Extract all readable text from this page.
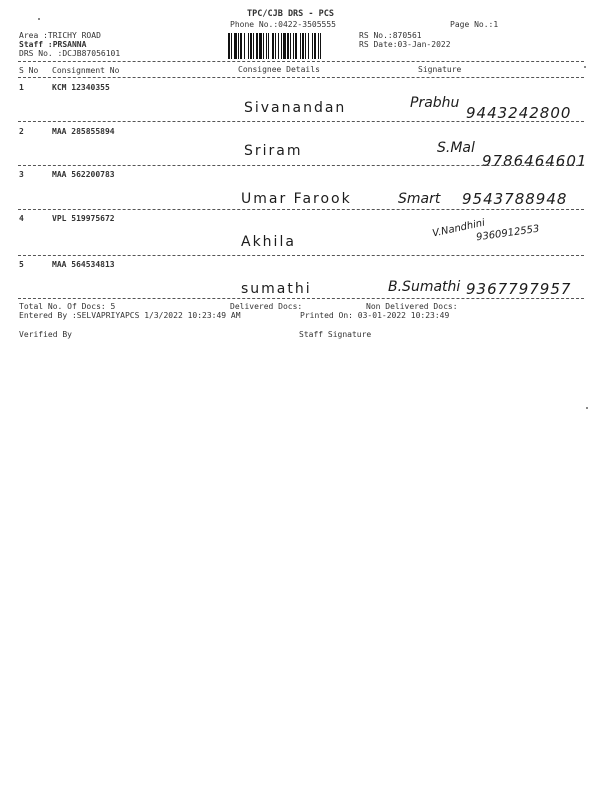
TPC/CJB DRS - PCS
Phone No.:0422-3505555	Page No.:1
Area :TRICHY ROAD
Staff :PRSANNA
DRS No. :DCJB87056101
RS No.:870561
RS Date:03-Jan-2022
S No Consignment No	Consignee Details	Signature
1	KCM 12340355
Sivanandan	Prabhu
9443242800
2	MAA 285855894
Sriram	S.Mal
9786464601
3	MAA 562200783
Umar Farook	Smart 9543788948
4	VPL 519975672
Akhila
V.Nandhini
9360912553
5	MAA 564534813
sumathi	B.Sumathi 9367797957
Total No. Of Docs: 5	Delivered Docs:	Non Delivered Docs:
Entered By :SELVAPRIYAPCS 1/3/2022 10:23:49 AM	Printed On: 03-01-2022 10:23:49
Verified By	Staff Signature
